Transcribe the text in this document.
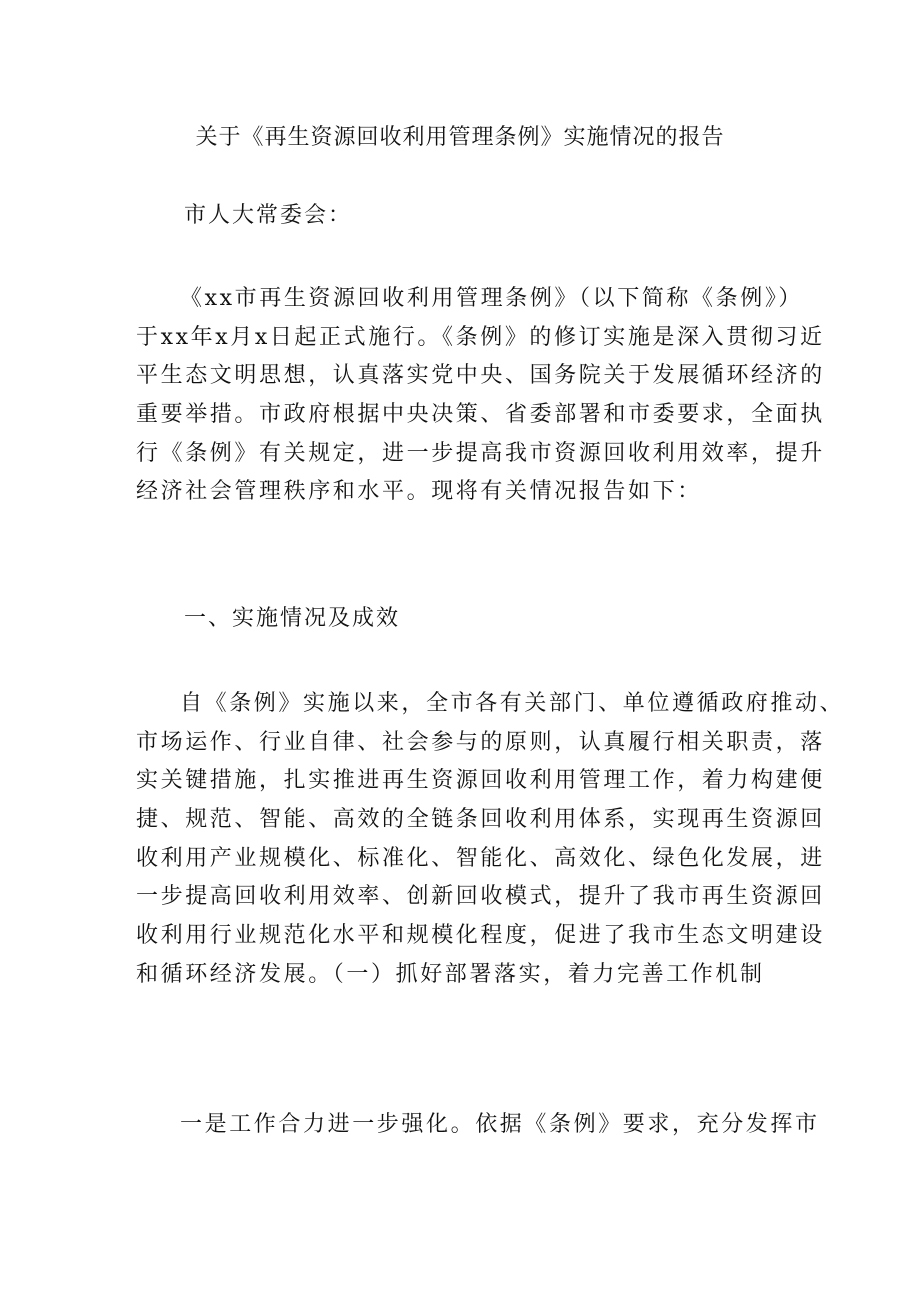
关于《再生资源回收利用管理条例》实施情况的报告
市人大常委会：
《xx市再生资源回收利用管理条例》（以下简称《条例》）
于xx年x月x日起正式施行。《条例》的修订实施是深入贯彻习近
平生态文明思想，认真落实党中央、国务院关于发展循环经济的
重要举措。市政府根据中央决策、省委部署和市委要求，全面执
行《条例》有关规定，进一步提高我市资源回收利用效率，提升
经济社会管理秩序和水平。现将有关情况报告如下：
一、实施情况及成效
自《条例》实施以来，全市各有关部门、单位遵循政府推动、
市场运作、行业自律、社会参与的原则，认真履行相关职责，落
实关键措施，扎实推进再生资源回收利用管理工作，着力构建便
捷、规范、智能、高效的全链条回收利用体系，实现再生资源回
收利用产业规模化、标准化、智能化、高效化、绿色化发展，进
一步提高回收利用效率、创新回收模式，提升了我市再生资源回
收利用行业规范化水平和规模化程度，促进了我市生态文明建设
和循环经济发展。（一）抓好部署落实，着力完善工作机制
一是工作合力进一步强化。依据《条例》要求，充分发挥市
